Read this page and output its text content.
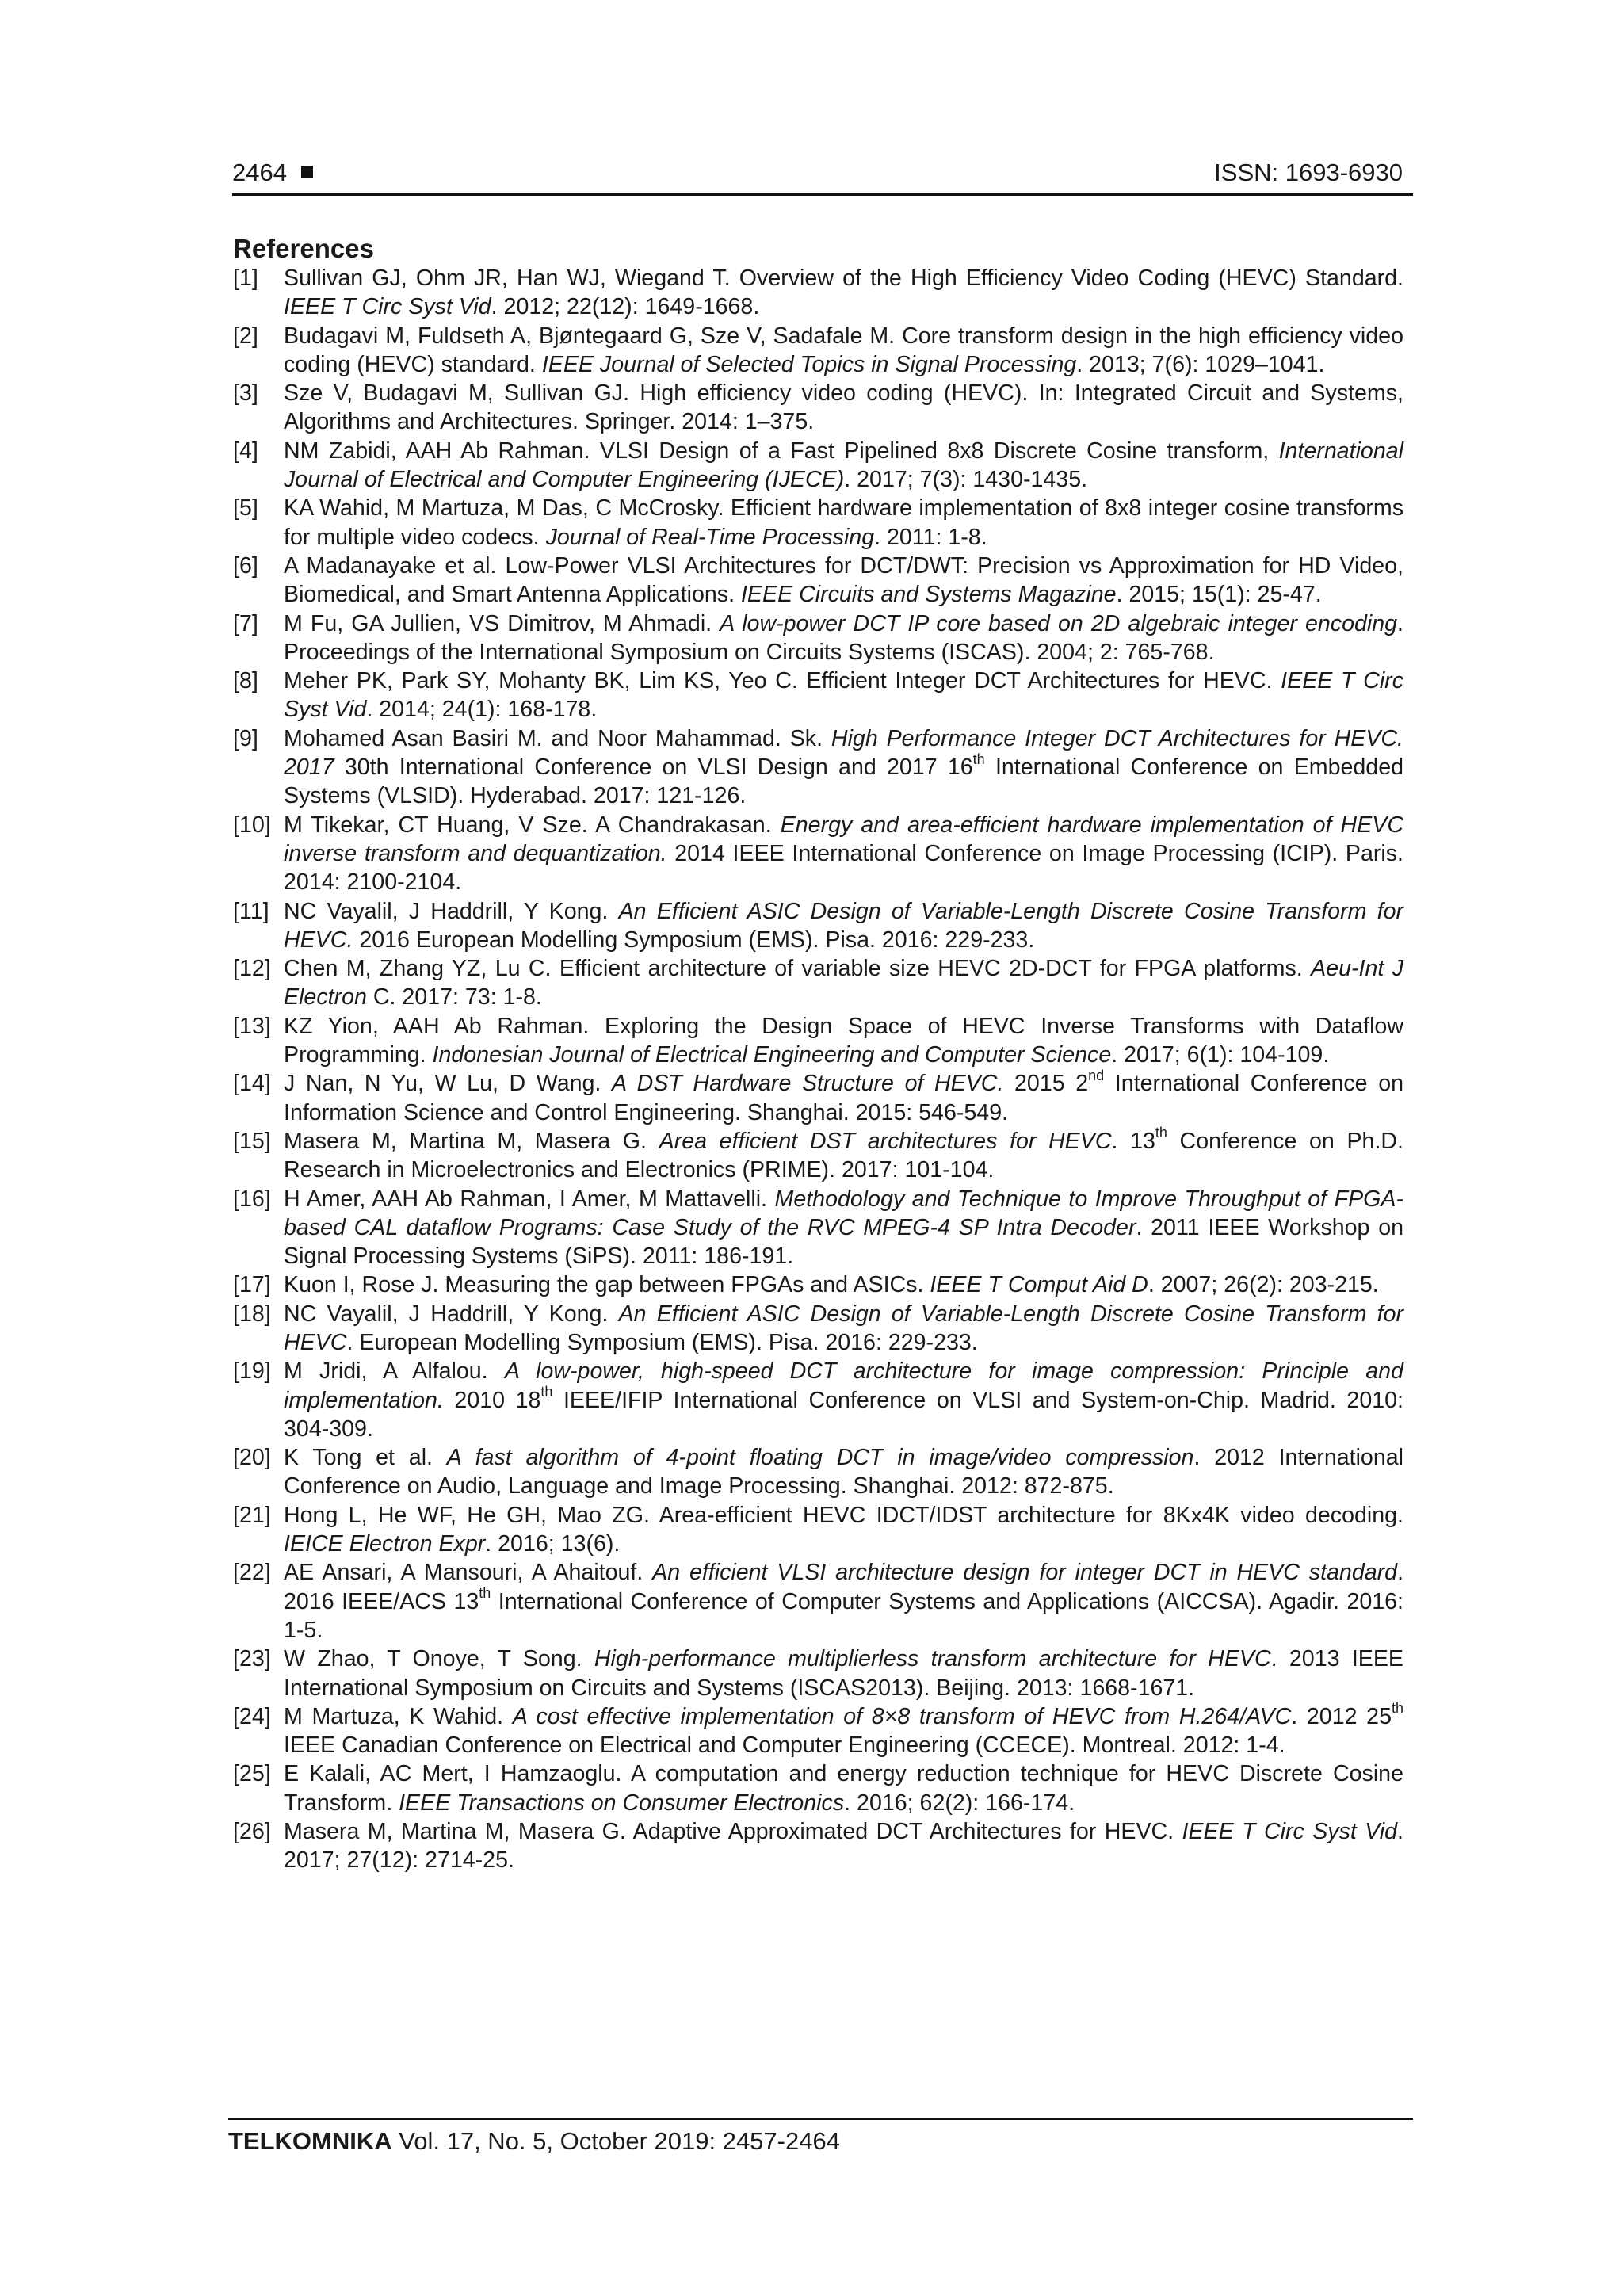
2464	ISSN: 1693-6930
References
[1] Sullivan GJ, Ohm JR, Han WJ, Wiegand T. Overview of the High Efficiency Video Coding (HEVC) Standard. IEEE T Circ Syst Vid. 2012; 22(12): 1649-1668.
[2] Budagavi M, Fuldseth A, Bjøntegaard G, Sze V, Sadafale M. Core transform design in the high efficiency video coding (HEVC) standard. IEEE Journal of Selected Topics in Signal Processing. 2013; 7(6): 1029–1041.
[3] Sze V, Budagavi M, Sullivan GJ. High efficiency video coding (HEVC). In: Integrated Circuit and Systems, Algorithms and Architectures. Springer. 2014: 1–375.
[4] NM Zabidi, AAH Ab Rahman. VLSI Design of a Fast Pipelined 8x8 Discrete Cosine transform, International Journal of Electrical and Computer Engineering (IJECE). 2017; 7(3): 1430-1435.
[5] KA Wahid, M Martuza, M Das, C McCrosky. Efficient hardware implementation of 8x8 integer cosine transforms for multiple video codecs. Journal of Real-Time Processing. 2011: 1-8.
[6] A Madanayake et al. Low-Power VLSI Architectures for DCT/DWT: Precision vs Approximation for HD Video, Biomedical, and Smart Antenna Applications. IEEE Circuits and Systems Magazine. 2015; 15(1): 25-47.
[7] M Fu, GA Jullien, VS Dimitrov, M Ahmadi. A low-power DCT IP core based on 2D algebraic integer encoding. Proceedings of the International Symposium on Circuits Systems (ISCAS). 2004; 2: 765-768.
[8] Meher PK, Park SY, Mohanty BK, Lim KS, Yeo C. Efficient Integer DCT Architectures for HEVC. IEEE T Circ Syst Vid. 2014; 24(1): 168-178.
[9] Mohamed Asan Basiri M. and Noor Mahammad. Sk. High Performance Integer DCT Architectures for HEVC. 2017 30th International Conference on VLSI Design and 2017 16th International Conference on Embedded Systems (VLSID). Hyderabad. 2017: 121-126.
[10] M Tikekar, CT Huang, V Sze. A Chandrakasan. Energy and area-efficient hardware implementation of HEVC inverse transform and dequantization. 2014 IEEE International Conference on Image Processing (ICIP). Paris. 2014: 2100-2104.
[11] NC Vayalil, J Haddrill, Y Kong. An Efficient ASIC Design of Variable-Length Discrete Cosine Transform for HEVC. 2016 European Modelling Symposium (EMS). Pisa. 2016: 229-233.
[12] Chen M, Zhang YZ, Lu C. Efficient architecture of variable size HEVC 2D-DCT for FPGA platforms. Aeu-Int J Electron C. 2017: 73: 1-8.
[13] KZ Yion, AAH Ab Rahman. Exploring the Design Space of HEVC Inverse Transforms with Dataflow Programming. Indonesian Journal of Electrical Engineering and Computer Science. 2017; 6(1): 104-109.
[14] J Nan, N Yu, W Lu, D Wang. A DST Hardware Structure of HEVC. 2015 2nd International Conference on Information Science and Control Engineering. Shanghai. 2015: 546-549.
[15] Masera M, Martina M, Masera G. Area efficient DST architectures for HEVC. 13th Conference on Ph.D. Research in Microelectronics and Electronics (PRIME). 2017: 101-104.
[16] H Amer, AAH Ab Rahman, I Amer, M Mattavelli. Methodology and Technique to Improve Throughput of FPGA-based CAL dataflow Programs: Case Study of the RVC MPEG-4 SP Intra Decoder. 2011 IEEE Workshop on Signal Processing Systems (SiPS). 2011: 186-191.
[17] Kuon I, Rose J. Measuring the gap between FPGAs and ASICs. IEEE T Comput Aid D. 2007; 26(2): 203-215.
[18] NC Vayalil, J Haddrill, Y Kong. An Efficient ASIC Design of Variable-Length Discrete Cosine Transform for HEVC. European Modelling Symposium (EMS). Pisa. 2016: 229-233.
[19] M Jridi, A Alfalou. A low-power, high-speed DCT architecture for image compression: Principle and implementation. 2010 18th IEEE/IFIP International Conference on VLSI and System-on-Chip. Madrid. 2010: 304-309.
[20] K Tong et al. A fast algorithm of 4-point floating DCT in image/video compression. 2012 International Conference on Audio, Language and Image Processing. Shanghai. 2012: 872-875.
[21] Hong L, He WF, He GH, Mao ZG. Area-efficient HEVC IDCT/IDST architecture for 8Kx4K video decoding. IEICE Electron Expr. 2016; 13(6).
[22] AE Ansari, A Mansouri, A Ahaitouf. An efficient VLSI architecture design for integer DCT in HEVC standard. 2016 IEEE/ACS 13th International Conference of Computer Systems and Applications (AICCSA). Agadir. 2016: 1-5.
[23] W Zhao, T Onoye, T Song. High-performance multiplierless transform architecture for HEVC. 2013 IEEE International Symposium on Circuits and Systems (ISCAS2013). Beijing. 2013: 1668-1671.
[24] M Martuza, K Wahid. A cost effective implementation of 8×8 transform of HEVC from H.264/AVC. 2012 25th IEEE Canadian Conference on Electrical and Computer Engineering (CCECE). Montreal. 2012: 1-4.
[25] E Kalali, AC Mert, I Hamzaoglu. A computation and energy reduction technique for HEVC Discrete Cosine Transform. IEEE Transactions on Consumer Electronics. 2016; 62(2): 166-174.
[26] Masera M, Martina M, Masera G. Adaptive Approximated DCT Architectures for HEVC. IEEE T Circ Syst Vid. 2017; 27(12): 2714-25.
TELKOMNIKA Vol. 17, No. 5, October 2019: 2457-2464
